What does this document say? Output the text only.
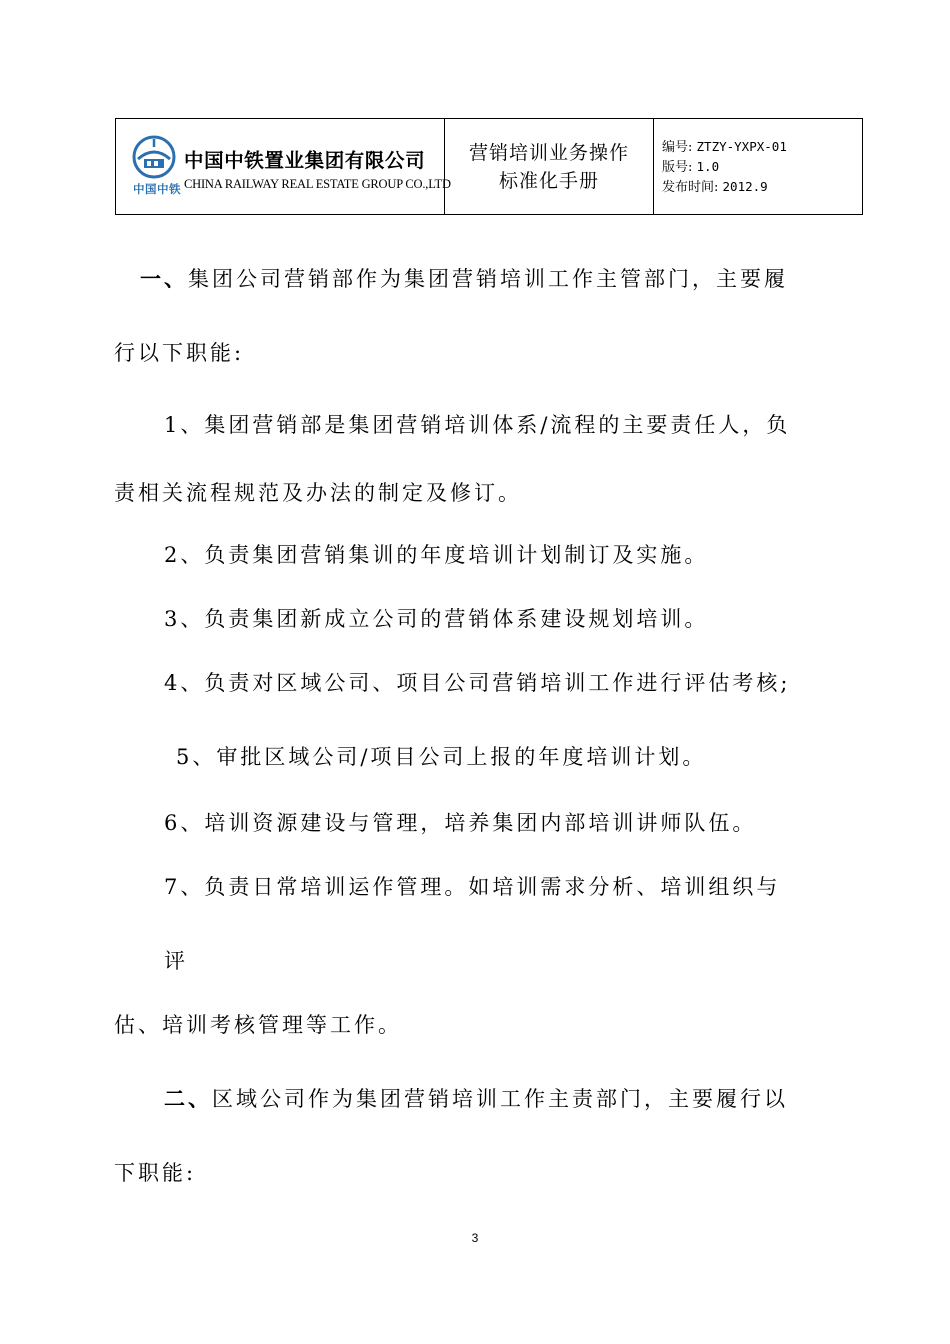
中国中铁
中国中铁置业集团有限公司
CHINA RAILWAY REAL ESTATE GROUP CO.,LTD

营销培训业务操作
标准化手册

编号: ZTZY-YXPX-01
版号: 1.0
发布时间: 2012.9

一、集团公司营销部作为集团营销培训工作主管部门，主要履

行以下职能:

1、集团营销部是集团营销培训体系/流程的主要责任人，负

责相关流程规范及办法的制定及修订。

2、负责集团营销集训的年度培训计划制订及实施。

3、负责集团新成立公司的营销体系建设规划培训。

4、负责对区域公司、项目公司营销培训工作进行评估考核;

5、审批区域公司/项目公司上报的年度培训计划。

6、培训资源建设与管理，培养集团内部培训讲师队伍。

7、负责日常培训运作管理。如培训需求分析、培训组织与

评

估、培训考核管理等工作。

二、区域公司作为集团营销培训工作主责部门，主要履行以

下职能:

3
